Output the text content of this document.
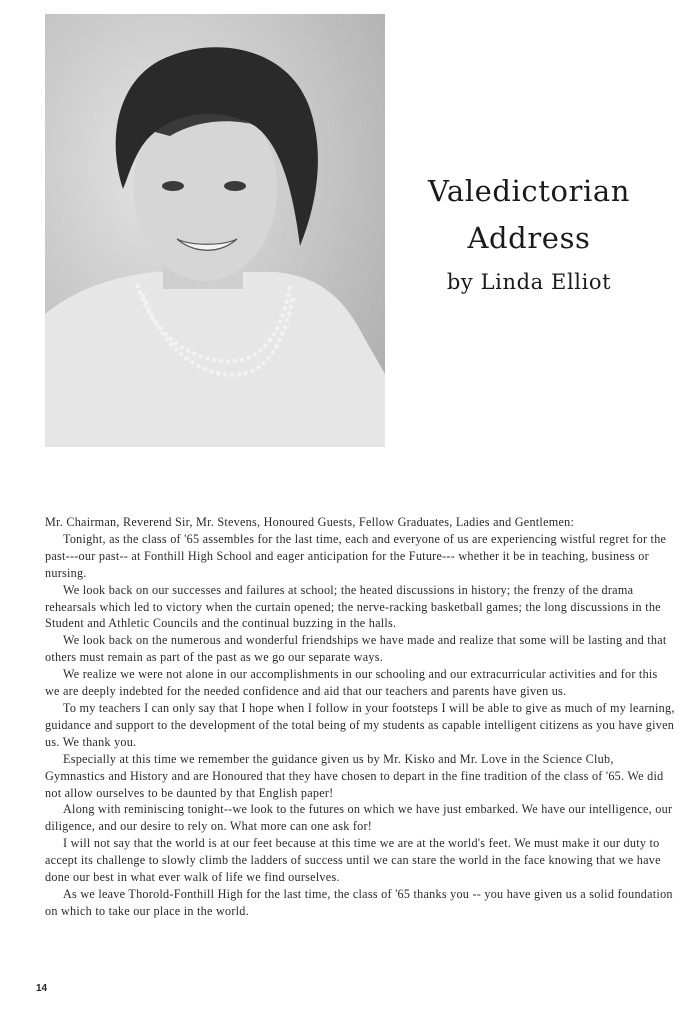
Valedictorian
Address
by Linda Elliot

Mr. Chairman, Reverend Sir, Mr. Stevens, Honoured Guests, Fellow Graduates, Ladies and Gentlemen:

Tonight, as the class of '65 assembles for the last time, each and everyone of us are experiencing wistful regret for the past---our past-- at Fonthill High School and eager anticipation for the Future--- whether it be in teaching, business or nursing.

We look back on our successes and failures at school; the heated discussions in history; the frenzy of the drama rehearsals which led to victory when the curtain opened; the nerve-racking basketball games; the long discussions in the Student and Athletic Councils and the continual buzzing in the halls.

We look back on the numerous and wonderful friendships we have made and realize that some will be lasting and that others must remain as part of the past as we go our separate ways.

We realize we were not alone in our accomplishments in our schooling and our extracurricular activities and for this we are deeply indebted for the needed confidence and aid that our teachers and parents have given us.

To my teachers I can only say that I hope when I follow in your footsteps I will be able to give as much of my learning, guidance and support to the development of the total being of my students as capable intelligent citizens as you have given us. We thank you.

Especially at this time we remember the guidance given us by Mr. Kisko and Mr. Love in the Science Club, Gymnastics and History and are Honoured that they have chosen to depart in the fine tradition of the class of '65. We did not allow ourselves to be daunted by that English paper!

Along with reminiscing tonight--we look to the futures on which we have just embarked. We have our intelligence, our diligence, and our desire to rely on. What more can one ask for!

I will not say that the world is at our feet because at this time we are at the world's feet. We must make it our duty to accept its challenge to slowly climb the ladders of success until we can stare the world in the face knowing that we have done our best in what ever walk of life we find ourselves.

As we leave Thorold-Fonthill High for the last time, the class of '65 thanks you -- you have given us a solid foundation on which to take our place in the world.

14
